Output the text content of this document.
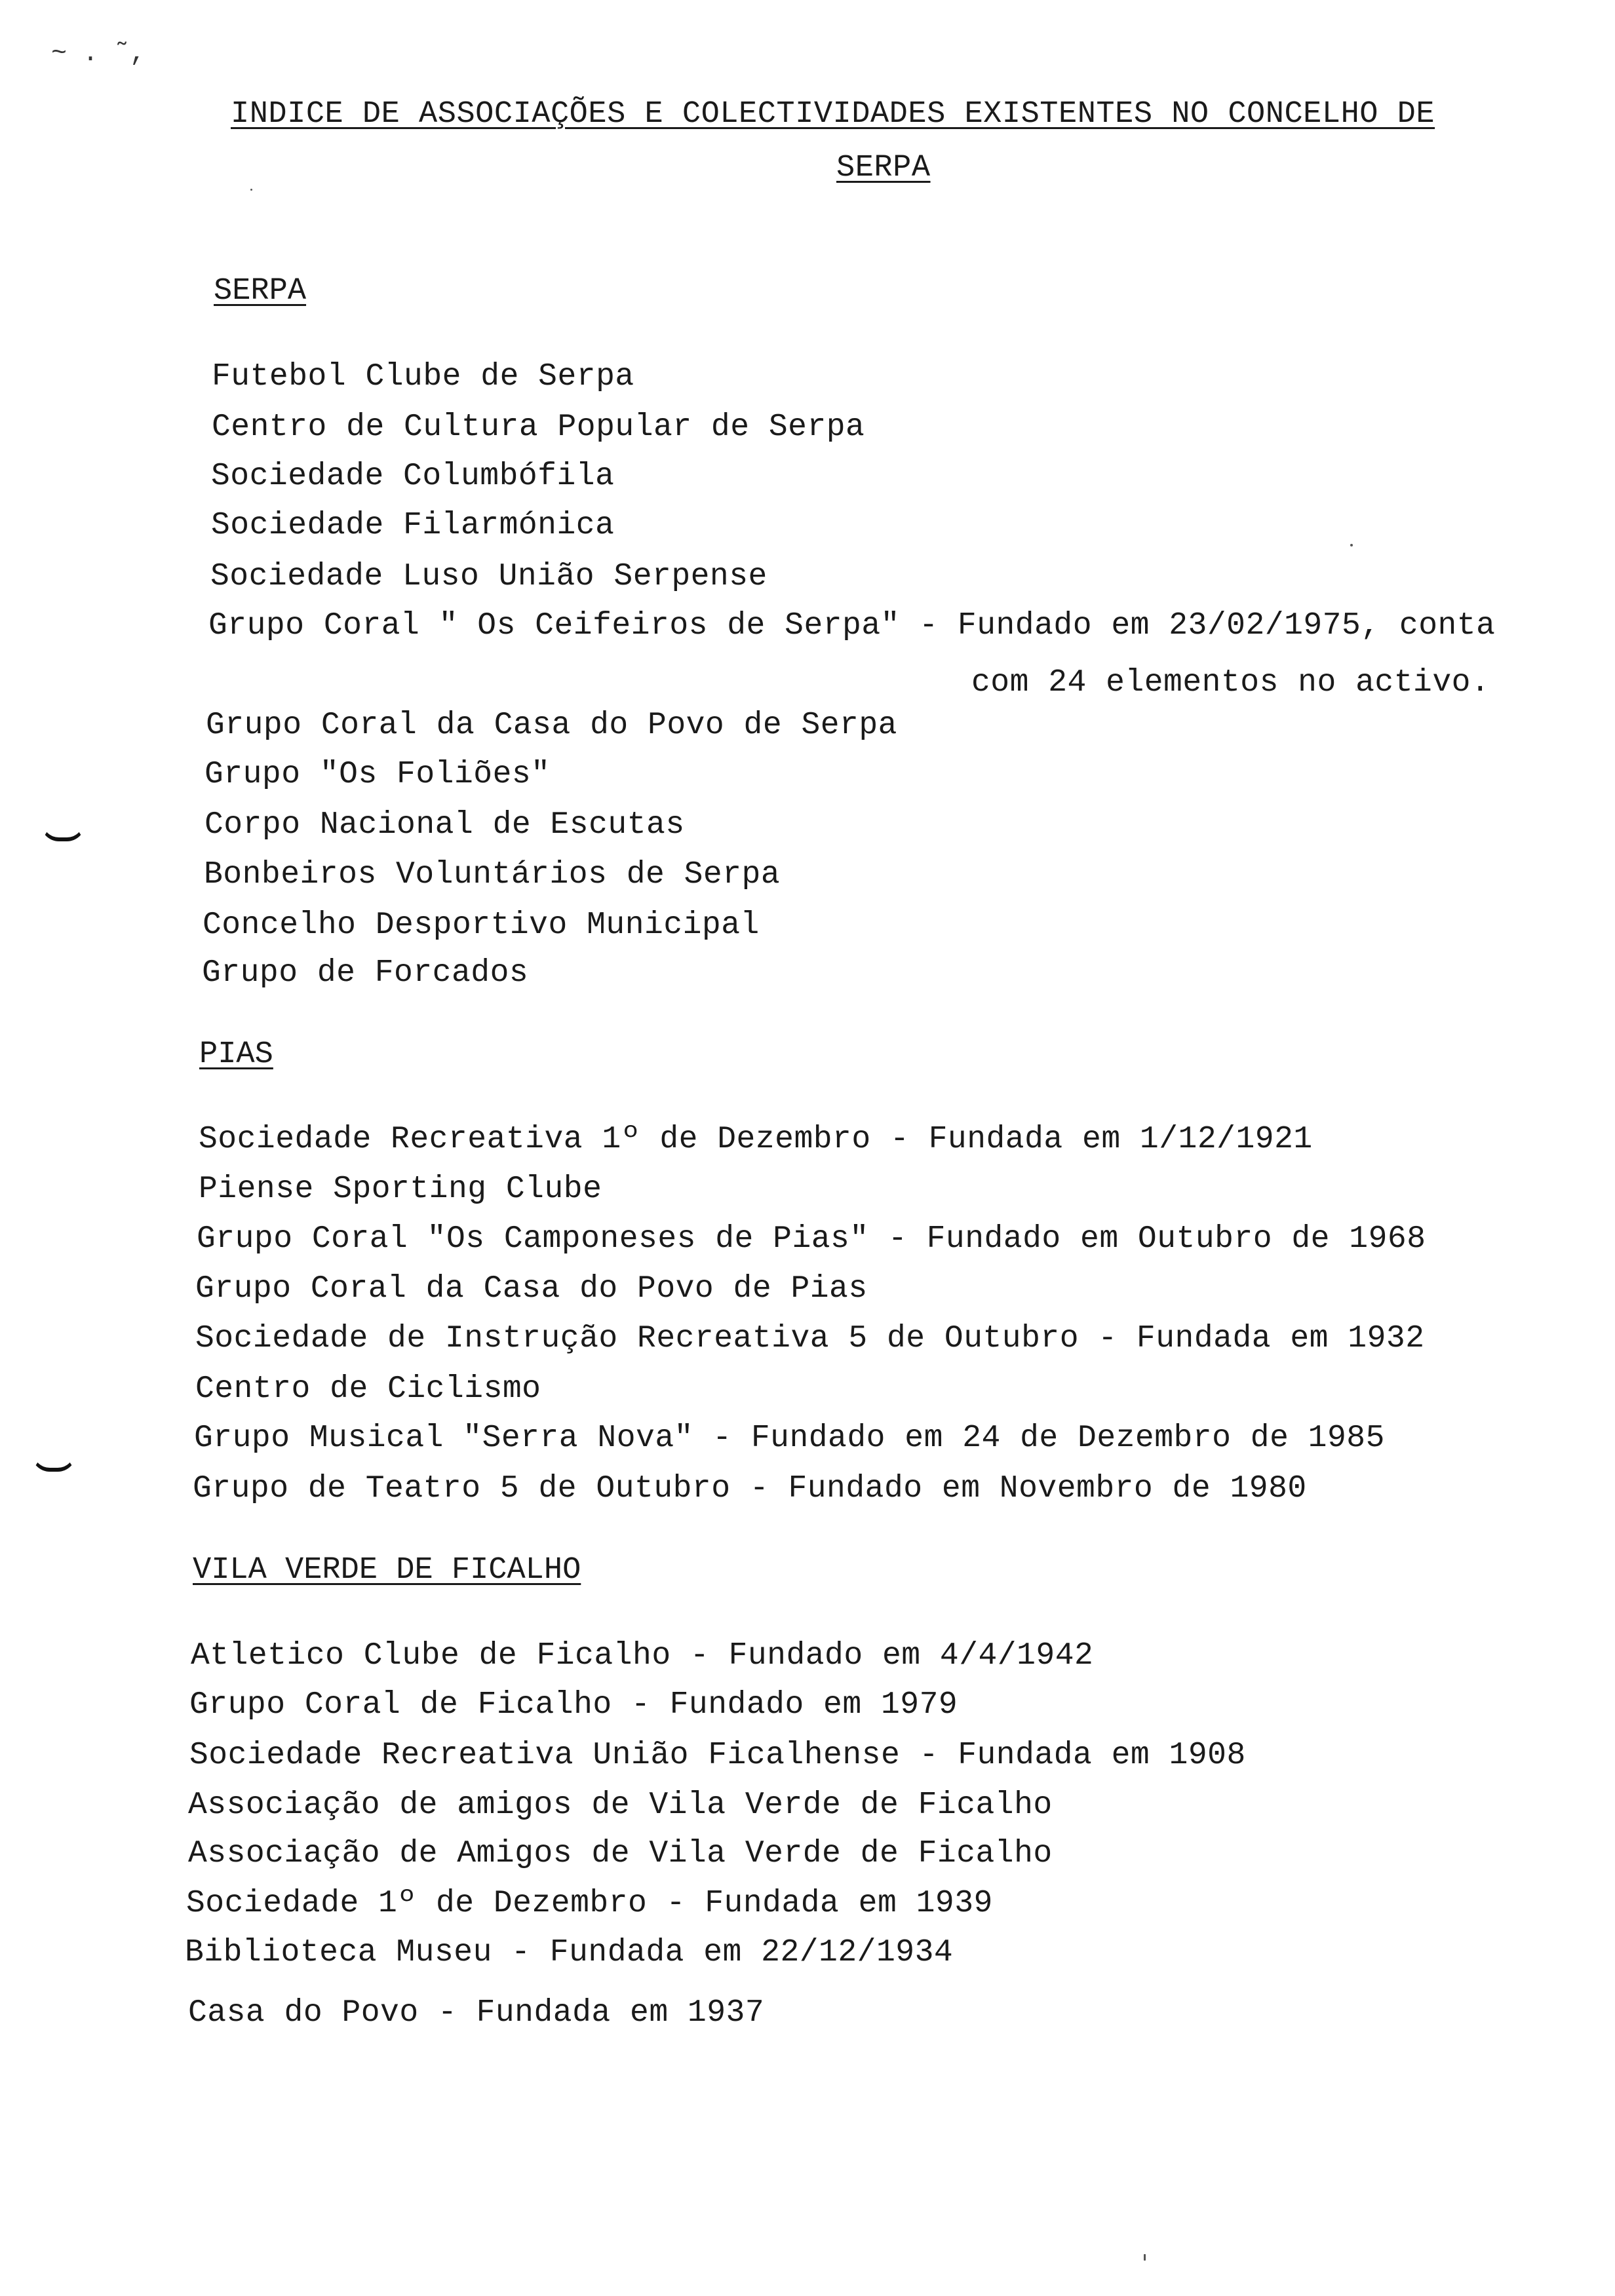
~ . ˜,
INDICE DE ASSOCIAÇÕES E COLECTIVIDADES EXISTENTES NO CONCELHO DE
SERPA
SERPA
Futebol Clube de Serpa
Centro de Cultura Popular de Serpa
Sociedade Columbófila
Sociedade Filarmónica
Sociedade Luso União Serpense
Grupo Coral " Os Ceifeiros de Serpa" - Fundado em 23/02/1975, conta
com 24 elementos no activo.
Grupo Coral da Casa do Povo de Serpa
Grupo "Os Foliões"
Corpo Nacional de Escutas
Bonbeiros Voluntários de Serpa
Concelho Desportivo Municipal
Grupo de Forcados
PIAS
Sociedade Recreativa 1º de Dezembro - Fundada em 1/12/1921
Piense Sporting Clube
Grupo Coral "Os Camponeses de Pias" - Fundado em Outubro de 1968
Grupo Coral da Casa do Povo de Pias
Sociedade de Instrução Recreativa 5 de Outubro - Fundada em 1932
Centro de Ciclismo
Grupo Musical "Serra Nova" - Fundado em 24 de Dezembro de 1985
Grupo de Teatro 5 de Outubro - Fundado em Novembro de 1980
VILA VERDE DE FICALHO
Atletico Clube de Ficalho - Fundado em 4/4/1942
Grupo Coral de Ficalho - Fundado em 1979
Sociedade Recreativa União Ficalhense - Fundada em 1908
Associação de amigos de Vila Verde de Ficalho
Associação de Amigos de Vila Verde de Ficalho
Sociedade 1º de Dezembro - Fundada em 1939
Biblioteca Museu - Fundada em 22/12/1934
Casa do Povo - Fundada em 1937
